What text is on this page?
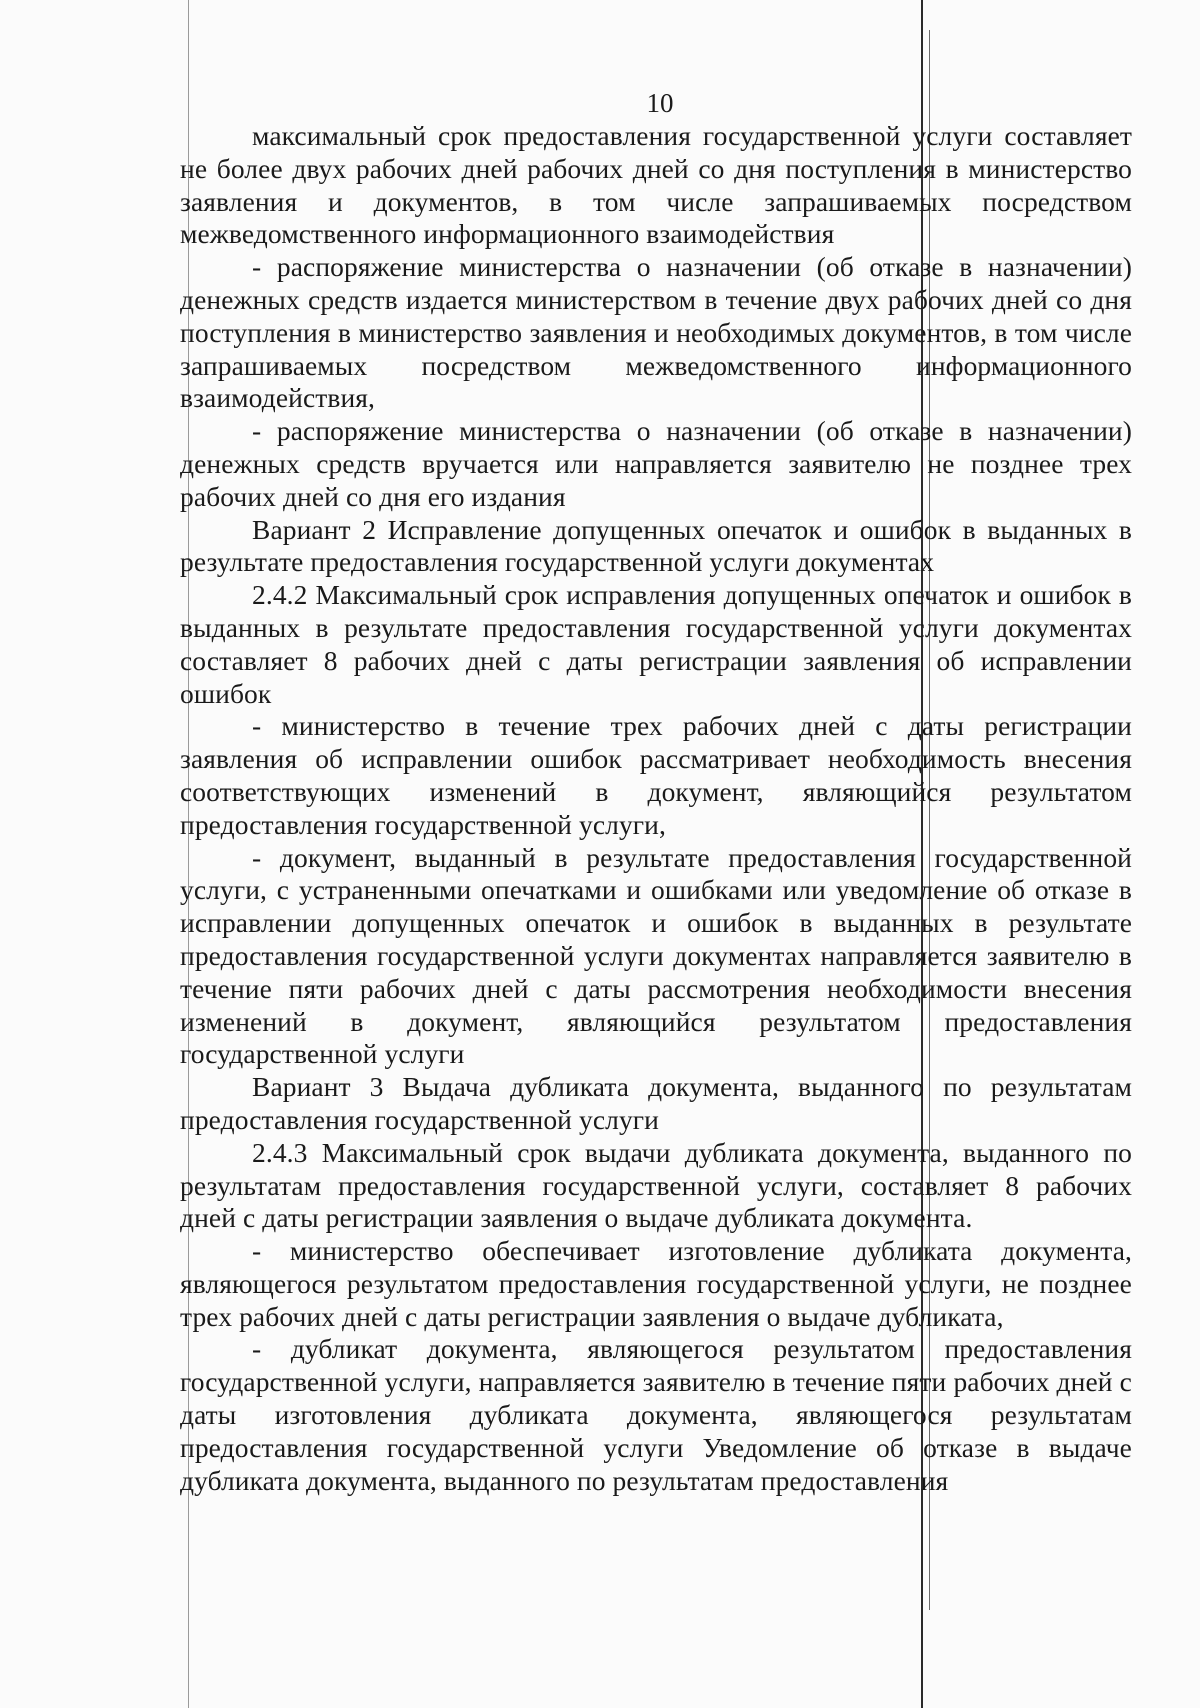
10

максимальный срок предоставления государственной услуги составляет не более двух рабочих дней рабочих дней со дня поступления в министерство заявления и документов, в том числе запрашиваемых посредством межведомственного информационного взаимодействия

- распоряжение министерства о назначении (об отказе в назначении) денежных средств издается министерством в течение двух рабочих дней со дня поступления в министерство заявления и необходимых документов, в том числе запрашиваемых посредством межведомственного информационного взаимодействия,

- распоряжение министерства о назначении (об отказе в назначении) денежных средств вручается или направляется заявителю не позднее трех рабочих дней со дня его издания

Вариант 2 Исправление допущенных опечаток и ошибок в выданных в результате предоставления государственной услуги документах

2.4.2 Максимальный срок исправления допущенных опечаток и ошибок в выданных в результате предоставления государственной услуги документах составляет 8 рабочих дней с даты регистрации заявления об исправлении ошибок

- министерство в течение трех рабочих дней с даты регистрации заявления об исправлении ошибок рассматривает необходимость внесения соответствующих изменений в документ, являющийся результатом предоставления государственной услуги,

- документ, выданный в результате предоставления государственной услуги, с устраненными опечатками и ошибками или уведомление об отказе в исправлении допущенных опечаток и ошибок в выданных в результате предоставления государственной услуги документах направляется заявителю в течение пяти рабочих дней с даты рассмотрения необходимости внесения изменений в документ, являющийся результатом предоставления государственной услуги

Вариант 3 Выдача дубликата документа, выданного по результатам предоставления государственной услуги

2.4.3 Максимальный срок выдачи дубликата документа, выданного по результатам предоставления государственной услуги, составляет 8 рабочих дней с даты регистрации заявления о выдаче дубликата документа.

- министерство обеспечивает изготовление дубликата документа, являющегося результатом предоставления государственной услуги, не позднее трех рабочих дней с даты регистрации заявления о выдаче дубликата,

- дубликат документа, являющегося результатом предоставления государственной услуги, направляется заявителю в течение пяти рабочих дней с даты изготовления дубликата документа, являющегося результатам предоставления государственной услуги Уведомление об отказе в выдаче дубликата документа, выданного по результатам предоставления
